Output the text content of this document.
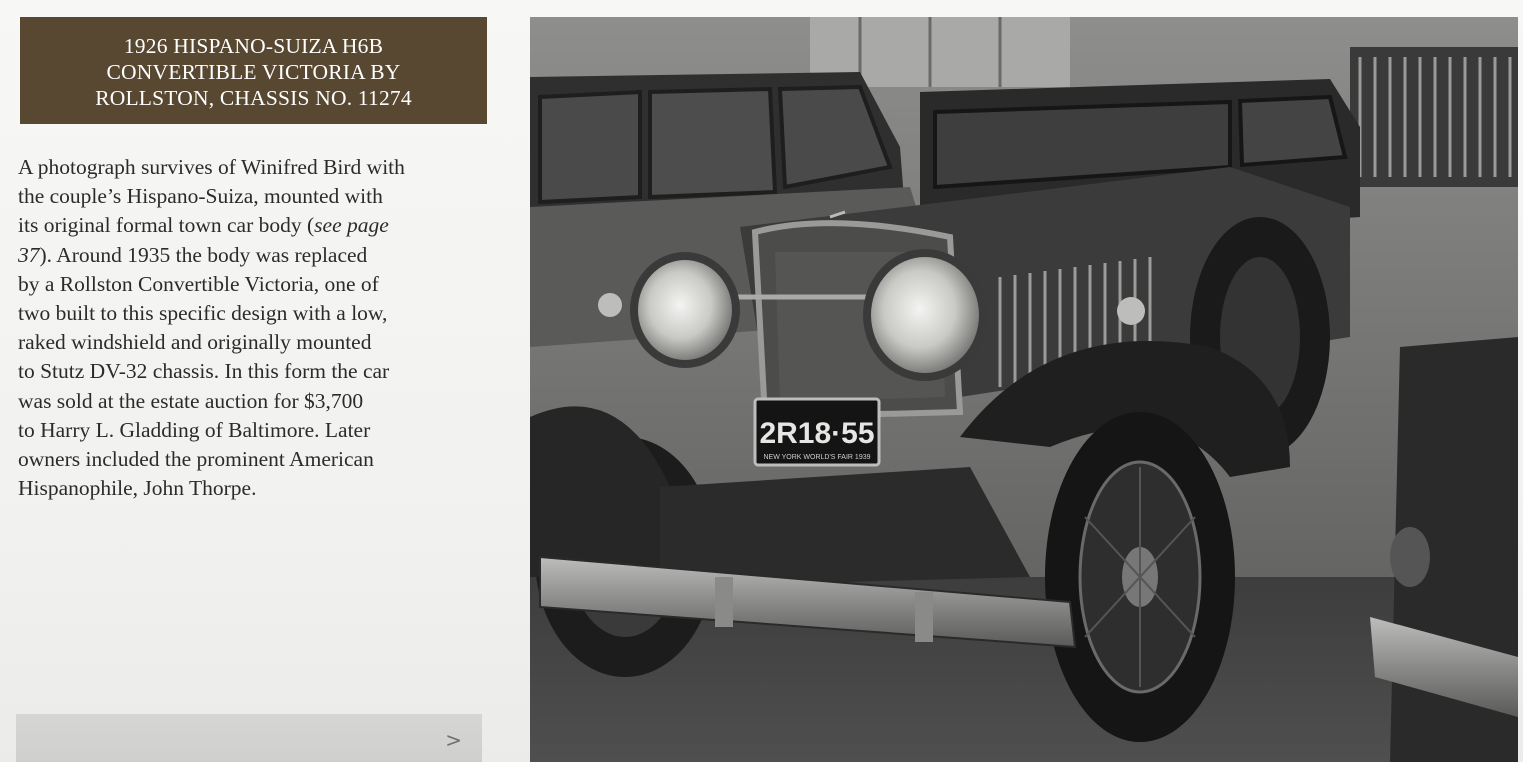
1926 HISPANO-SUIZA H6B
CONVERTIBLE VICTORIA BY
ROLLSTON, CHASSIS NO. 11274
A photograph survives of Winifred Bird with
the couple’s Hispano-Suiza, mounted with
its original formal town car body (see page
37). Around 1935 the body was replaced
by a Rollston Convertible Victoria, one of
two built to this specific design with a low,
raked windshield and originally mounted
to Stutz DV-32 chassis. In this form the car
was sold at the estate auction for $3,700
to Harry L. Gladding of Baltimore. Later
owners included the prominent American
Hispanophile, John Thorpe.
>
2R18·55
NEW YORK WORLD'S FAIR 1939
